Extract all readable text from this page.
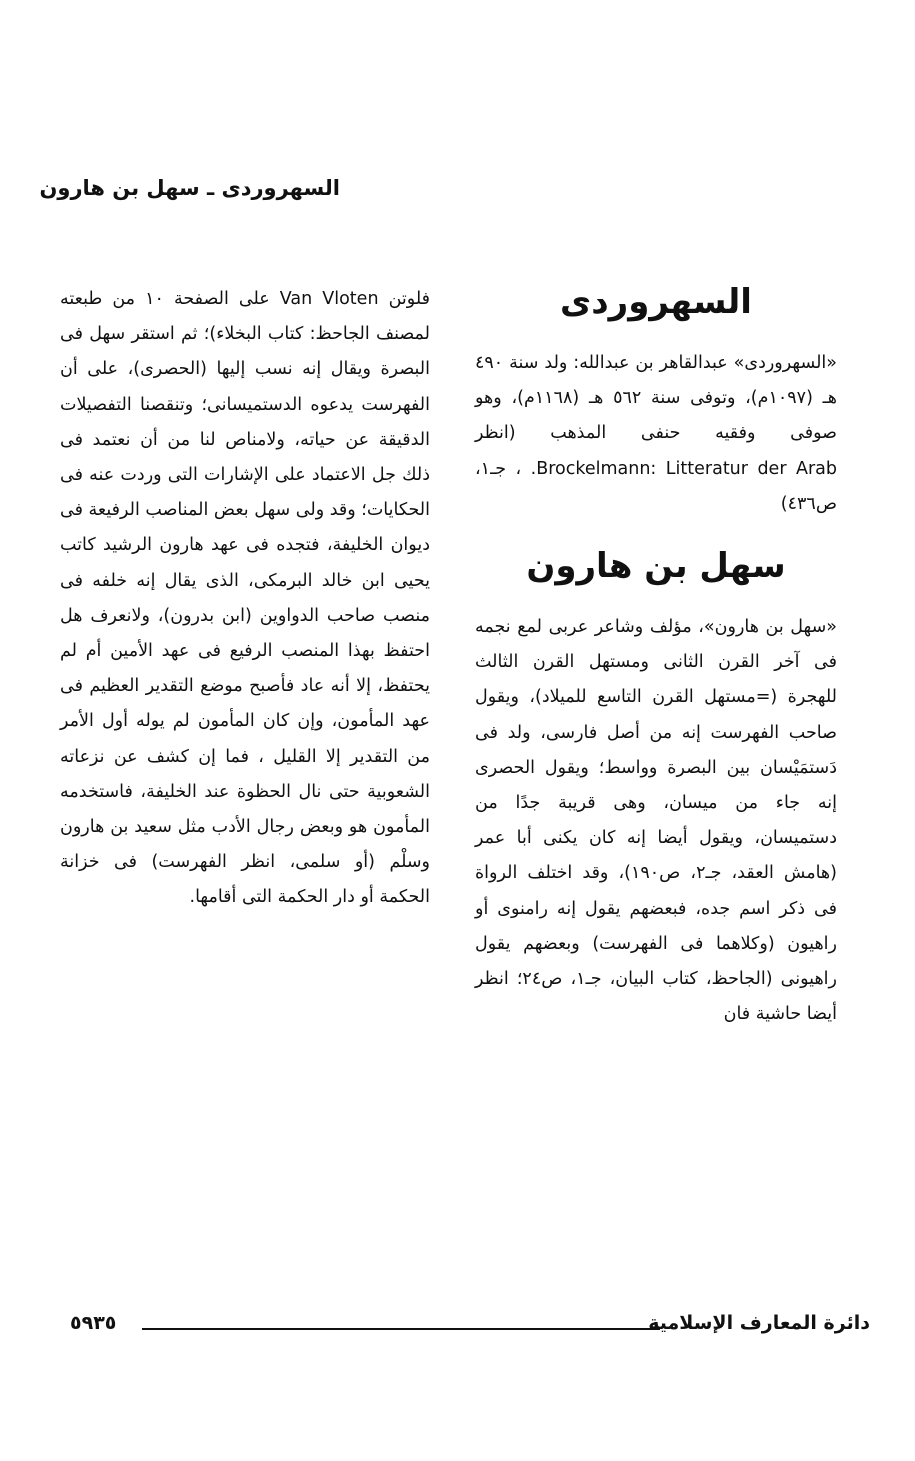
السهروردى ـ سهل بن هارون
السهروردى

«السهروردى» عبدالقاهر بن عبدالله: ولد سنة ٤٩٠ هـ (١٠٩٧م)، وتوفى سنة ٥٦٢ هـ (١١٦٨م)، وهو صوفى وفقيه حنفى المذهب (انظر Brockelmann: Litteratur der Arab. ، جـ١، ص٤٣٦)

سهل بن هارون

«سهل بن هارون»، مؤلف وشاعر عربى لمع نجمه فى آخر القرن الثانى ومستهل القرن الثالث للهجرة (=مستهل القرن التاسع للميلاد)، ويقول صاحب الفهرست إنه من أصل فارسى، ولد فى دَستمَيْسان بين البصرة وواسط؛ ويقول الحصرى إنه جاء من ميسان، وهى قريبة جدًا من دستميسان، ويقول أيضا إنه كان يكنى أبا عمر (هامش العقد، جـ٢، ص١٩٠)، وقد اختلف الرواة فى ذكر اسم جده، فبعضهم يقول إنه رامنوى أو راهيون (وكلاهما فى الفهرست) وبعضهم يقول راهيونى (الجاحظ، كتاب البيان، جـ١، ص٢٤؛ انظر أيضا حاشية فان

فلوتن Van Vloten على الصفحة ١٠ من طبعته لمصنف الجاحظ: كتاب البخلاء)؛ ثم استقر سهل فى البصرة ويقال إنه نسب إليها (الحصرى)، على أن الفهرست يدعوه الدستميسانى؛ وتنقصنا التفصيلات الدقيقة عن حياته، ولامناص لنا من أن نعتمد فى ذلك جل الاعتماد على الإشارات التى وردت عنه فى الحكايات؛ وقد ولى سهل بعض المناصب الرفيعة فى ديوان الخليفة، فتجده فى عهد هارون الرشيد كاتب يحيى ابن خالد البرمكى، الذى يقال إنه خلفه فى منصب صاحب الدواوين (ابن بدرون)، ولانعرف هل احتفظ بهذا المنصب الرفيع فى عهد الأمين أم لم يحتفظ، إلا أنه عاد فأصبح موضع التقدير العظيم فى عهد المأمون، وإن كان المأمون لم يوله أول الأمر من التقدير إلا القليل ، فما إن كشف عن نزعاته الشعوبية حتى نال الحظوة عند الخليفة، فاستخدمه المأمون هو وبعض رجال الأدب مثل سعيد بن هارون وسلْم (أو سلمى، انظر الفهرست) فى خزانة الحكمة أو دار الحكمة التى أقامها.

دائرة المعارف الإسلامية
٥٩٣٥
